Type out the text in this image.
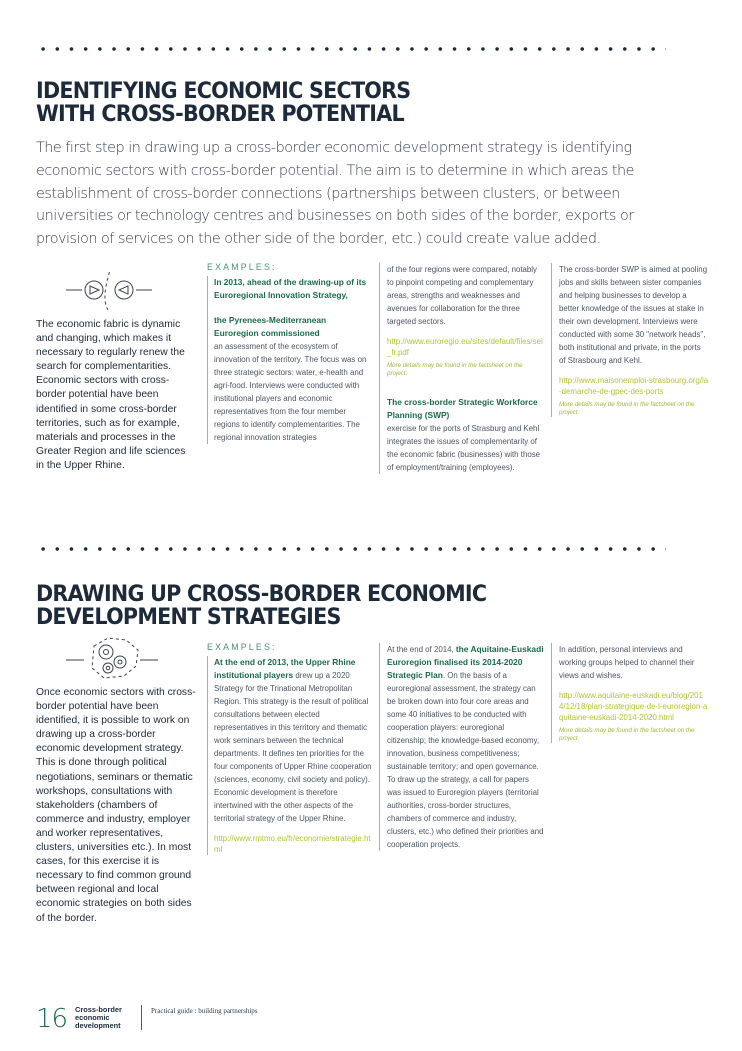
IDENTIFYING ECONOMIC SECTORS
WITH CROSS-BORDER POTENTIAL
The first step in drawing up a cross-border economic development strategy is identifying economic sectors with cross-border potential. The aim is to determine in which areas the establishment of cross-border connections (partnerships between clusters, or between universities or technology centres and businesses on both sides of the border, exports or provision of services on the other side of the border, etc.) could create value added.
The economic fabric is dynamic and changing, which makes it necessary to regularly renew the search for complementarities. Economic sectors with cross-border potential have been identified in some cross-border territories, such as for example, materials and processes in the Greater Region and life sciences in the Upper Rhine.
EXAMPLES:
In 2013, ahead of the drawing-up of its Euroregional Innovation Strategy,
the Pyrenees-Mediterranean Euroregion commissioned

an assessment of the ecosystem of innovation of the territory. The focus was on three strategic sectors: water, e-health and agri-food. Interviews were conducted with institutional players and economic representatives from the four member regions to identify complementarities. The regional innovation strategies

of the four regions were compared, notably to pinpoint competing and complementary areas, strengths and weaknesses and avenues for collaboration for the three targeted sectors.

http://www.euroregio.eu/sites/default/files/sei_fr.pdf
More details may be found in the factsheet on the project.
The cross-border Strategic Workforce Planning (SWP)

exercise for the ports of Strasburg and Kehl integrates the issues of complementarity of the economic fabric (businesses) with those of employment/training (employees).

The cross-border SWP is aimed at pooling jobs and skills between sister companies and helping businesses to develop a better knowledge of the issues at stake in their own development. Interviews were conducted with some 30 "network heads", both institutional and private, in the ports of Strasbourg and Kehl.

http://www.maisonemploi-strasbourg.org/la-demarche-de-gpec-des-ports
More details may be found in the factsheet on the project.
DRAWING UP CROSS-BORDER ECONOMIC
DEVELOPMENT STRATEGIES
Once economic sectors with cross-border potential have been identified, it is possible to work on drawing up a cross-border economic development strategy. This is done through political negotiations, seminars or thematic workshops, consultations with stakeholders (chambers of commerce and industry, employer and worker representatives, clusters, universities etc.). In most cases, for this exercise it is necessary to find common ground between regional and local economic strategies on both sides of the border.
EXAMPLES:

At the end of 2013, the Upper Rhine institutional players drew up a 2020 Strategy for the Trinational Metropolitan Region. This strategy is the result of political consultations between elected representatives in this territory and thematic work seminars between the technical departments. It defines ten priorities for the four components of Upper Rhine cooperation (sciences, economy, civil society and policy). Economic development is therefore intertwined with the other aspects of the territorial strategy of the Upper Rhine.

http://www.rmtmo.eu/fr/economie/strategie.html

At the end of 2014, the Aquitaine-Euskadi Euroregion finalised its 2014-2020 Strategic Plan. On the basis of a euroregional assessment, the strategy can be broken down into four core areas and some 40 initiatives to be conducted with cooperation players: euroregional citizenship; the knowledge-based economy, innovation, business competitiveness; sustainable territory; and open governance. To draw up the strategy, a call for papers was issued to Euroregion players (territorial authorities, cross-border structures, chambers of commerce and industry, clusters, etc.) who defined their priorities and cooperation projects.

In addition, personal interviews and working groups helped to channel their views and wishes.

http://www.aquitaine-euskadi.eu/blog/2014/12/18/plan-strategique-de-l-euroregion-aquitaine-euskadi-2014-2020.html
More details may be found in the factsheet on the project.
16 Cross-border
economic
development
Practical guide : building partnerships
